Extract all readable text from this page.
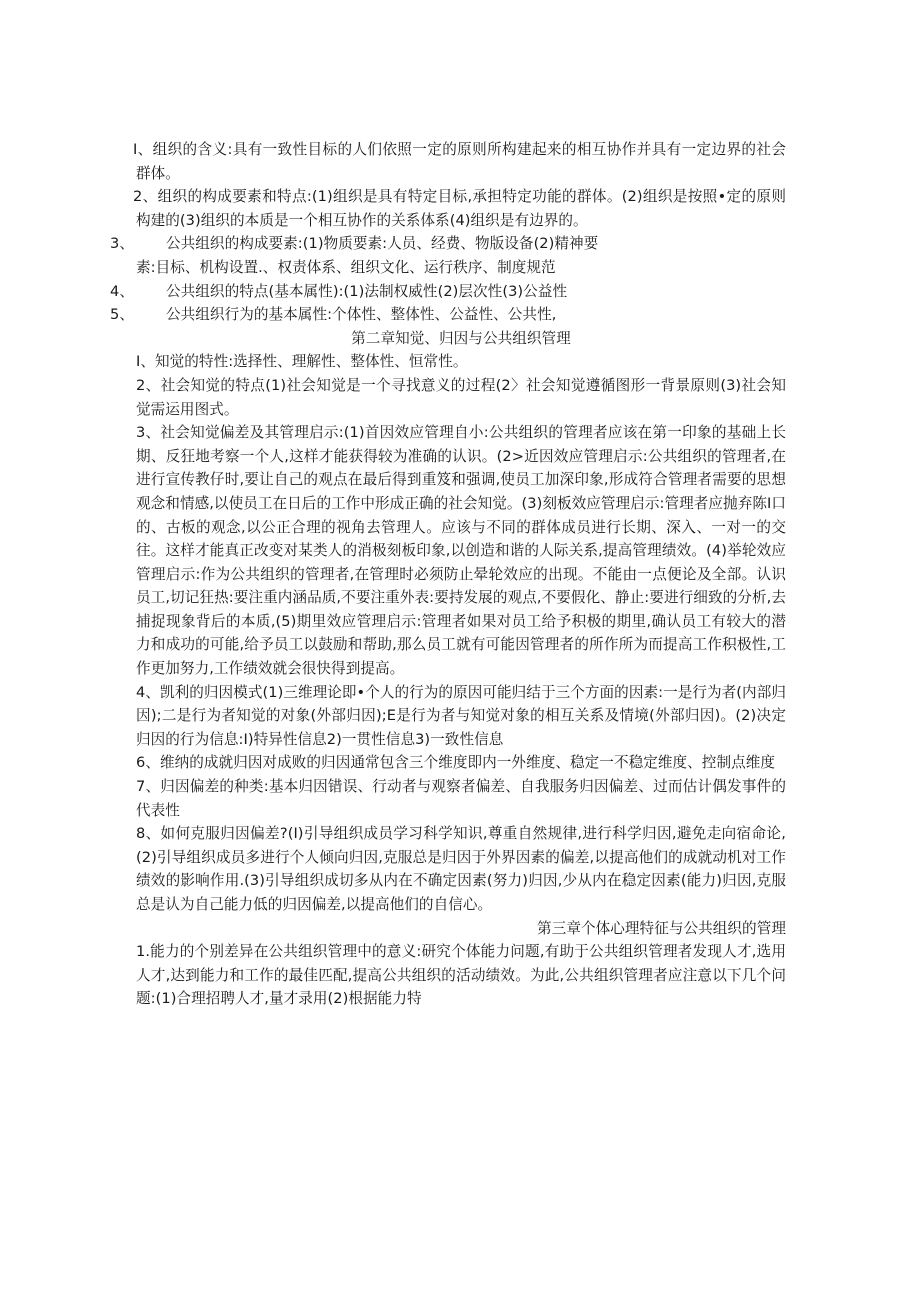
I、组织的含义:具有一致性目标的人们依照一定的原则所构建起来的相互协作并具有一定边界的社会群体。

2、组织的构成要素和特点:(1)组织是具有特定目标,承担特定功能的群体。(2)组织是按照•定的原则构建的(3)组织的本质是一个相互协作的关系体系(4)组织是有边界的。

3、	公共组织的构成要素:(1)物质要素:人员、经费、物版设备(2)精神要

素:目标、机构设置.、权责体系、组织文化、运行秩序、制度规范

4、	公共组织的特点(基本属性):(1)法制权威性(2)层次性(3)公益性
5、	公共组织行为的基本属性:个体性、整体性、公益性、公共性,

第二章知觉、归因与公共组织管理

I、知觉的特性:选择性、理解性、整体性、恒常性。

2、社会知觉的特点(1)社会知觉是一个寻找意义的过程(2〉社会知觉遵循图形一背景原则(3)社会知觉需运用图式。

3、社会知觉偏差及其管理启示:(1)首因效应管理自小:公共组织的管理者应该在第一印象的基础上长期、反狂地考察一个人,这样才能获得较为准确的认识。(2>近因效应管理启示:公共组织的管理者,在进行宣传教仔时,要让自己的观点在最后得到重笈和强调,使员工加深印象,形成符合管理者需要的思想观念和情感,以使员工在日后的工作中形成正确的社会知觉。(3)刻板效应管理启示:管理者应抛弃陈I口的、古板的观念,以公正合理的视角去管理人。应该与不同的群体成员进行长期、深入、一对一的交往。这样才能真正改变对某类人的消极刻板印象,以创造和谐的人际关系,提高管理绩效。(4)举轮效应管理启示:作为公共组织的管理者,在管理时必须防止晕轮效应的出现。不能由一点便论及全部。认识员工,切记狂热:要注重内涵品质,不要注重外表:要持发展的观点,不要假化、静止:要进行细致的分析,去捕捉现象背后的本质,(5)期里效应管理启示:管理者如果对员工给予积极的期里,确认员工有较大的潜力和成功的可能,给予员工以鼓励和帮助,那么员工就有可能因管理者的所作所为而提高工作积极性,工作更加努力,工作绩效就会很快得到提高。

4、凯利的归因模式(1)三维理论即•个人的行为的原因可能归结于三个方面的因素:一是行为者(内部归因);二是行为者知觉的对象(外部归因);E是行为者与知觉对象的相互关系及情境(外部归因)。(2)决定归因的行为信息:I)特异性信息2)一贯性信息3)一致性信息

6、维纳的成就归因对成败的归因通常包含三个维度即内一外维度、稳定一不稳定维度、控制点维度

7、归因偏差的种类:基本归因错误、行动者与观察者偏差、自我服务归因偏差、过而估计偶发事件的代表性

8、如何克服归因偏差?(I)引导组织成员学习科学知识,尊重自然规律,进行科学归因,避免走向宿命论,(2)引导组织成员多进行个人倾向归因,克服总是归因于外界因素的偏差,以提高他们的成就动机对工作绩效的影响作用.(3)引导组织成切多从内在不确定因素(努力)归因,少从内在稳定因素(能力)归因,克服总是认为自己能力低的归因偏差,以提高他们的自信心。

第三章个体心理特征与公共组织的管理

1.能力的个别差异在公共组织管理中的意义:研究个体能力问题,有助于公共组织管理者发现人才,选用人才,达到能力和工作的最佳匹配,提高公共组织的活动绩效。为此,公共组织管理者应注意以下几个问题:(1)合理招聘人才,量才录用(2)根据能力特
